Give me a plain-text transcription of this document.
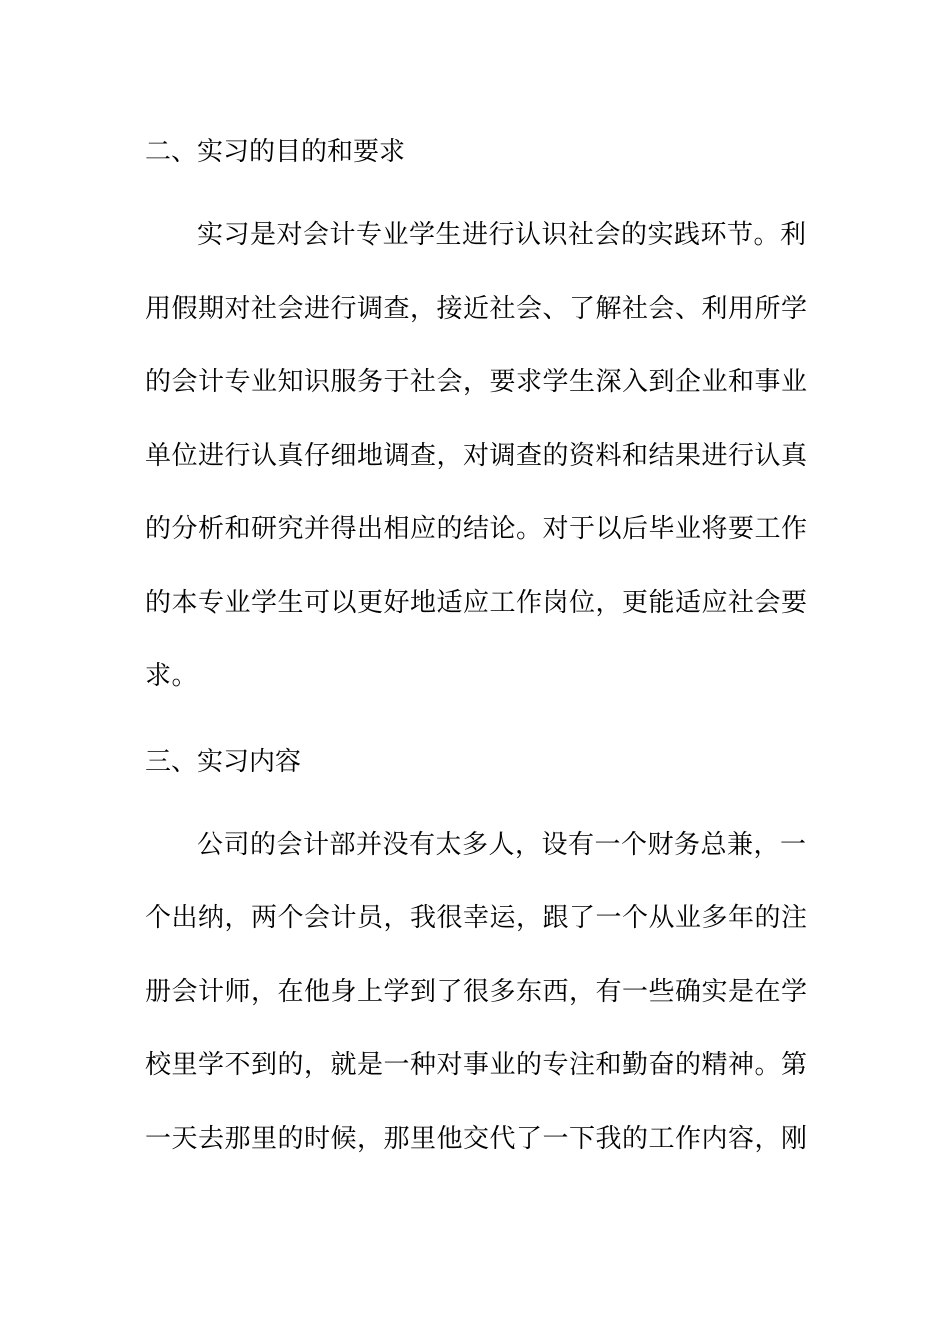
二、实习的目的和要求
实习是对会计专业学生进行认识社会的实践环节。利
用假期对社会进行调查，接近社会、了解社会、利用所学
的会计专业知识服务于社会，要求学生深入到企业和事业
单位进行认真仔细地调查，对调查的资料和结果进行认真
的分析和研究并得出相应的结论。对于以后毕业将要工作
的本专业学生可以更好地适应工作岗位，更能适应社会要
求。
三、实习内容
公司的会计部并没有太多人，设有一个财务总兼，一
个出纳，两个会计员，我很幸运，跟了一个从业多年的注
册会计师，在他身上学到了很多东西，有一些确实是在学
校里学不到的，就是一种对事业的专注和勤奋的精神。第
一天去那里的时候，那里他交代了一下我的工作内容，刚
